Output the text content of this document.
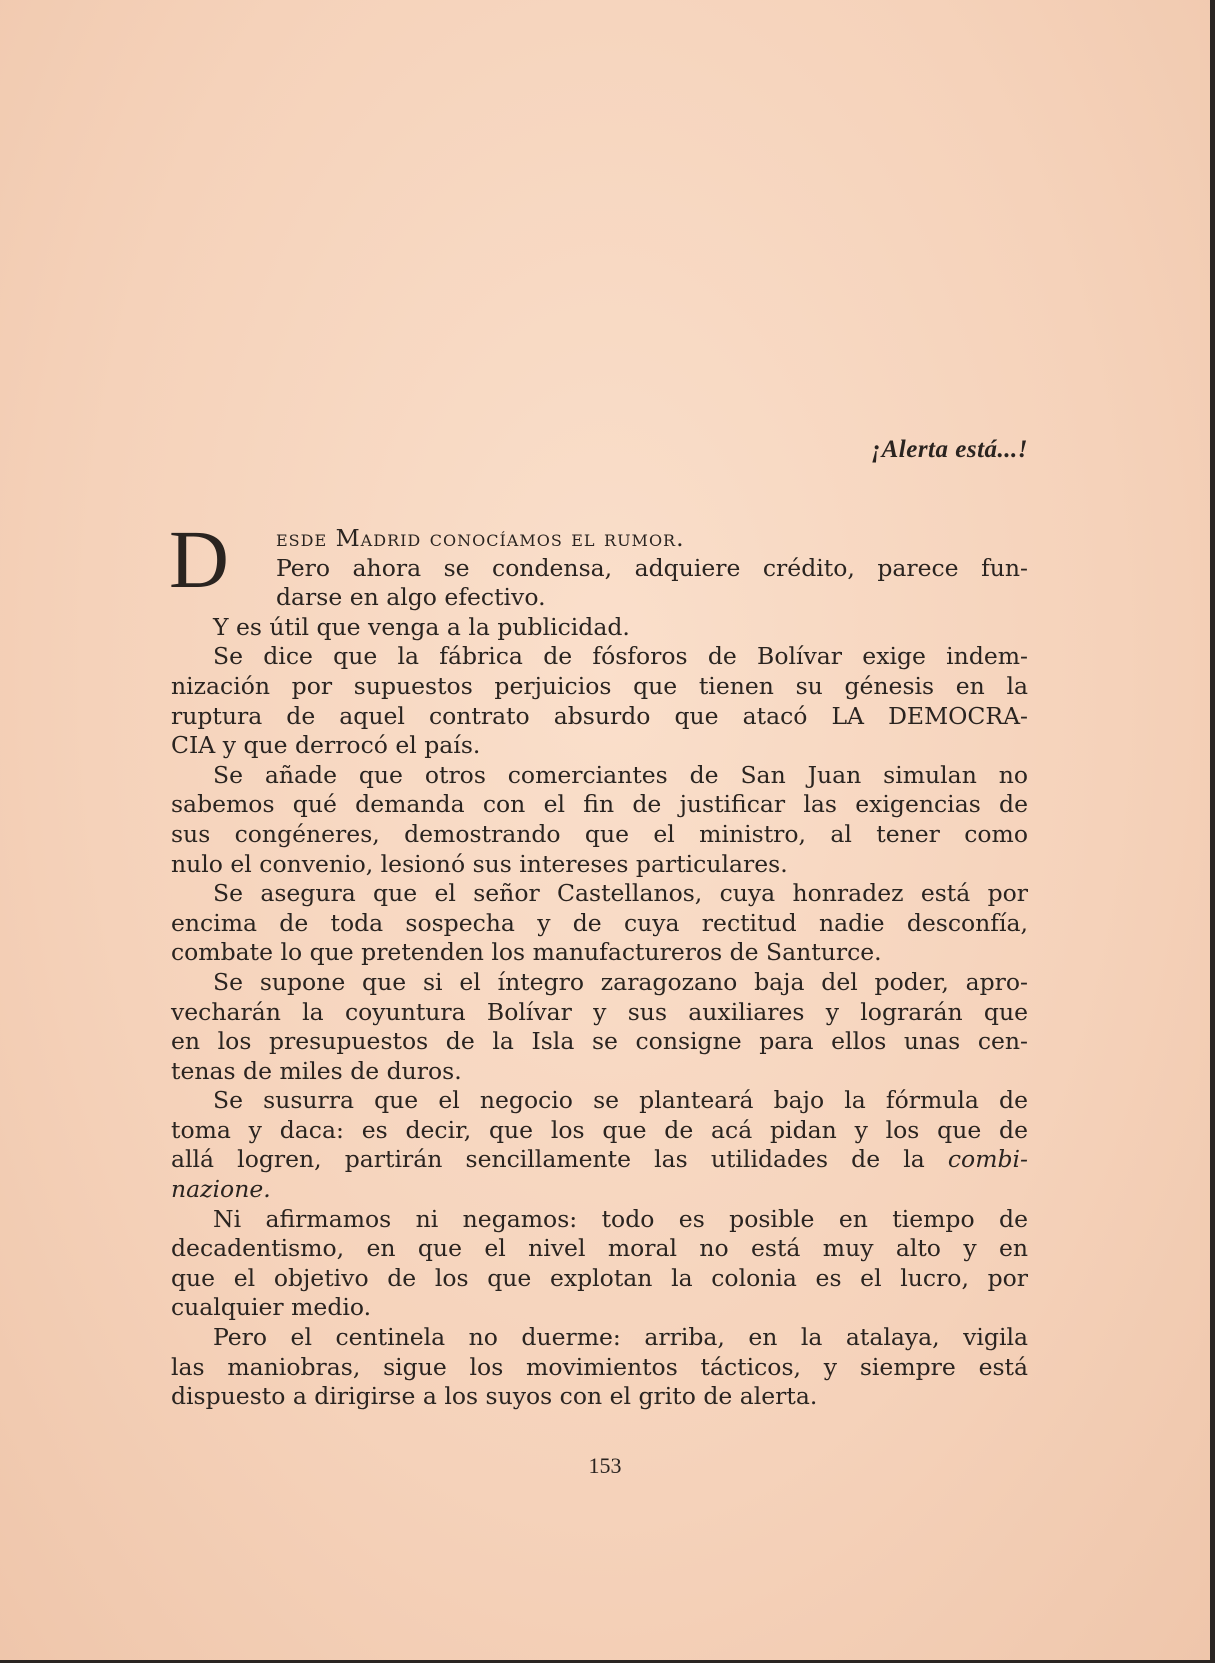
¡Alerta está...!
D	esde Madrid conocíamos el rumor.
Pero ahora se condensa, adquiere crédito, parece fun-
darse en algo efectivo.
Y es útil que venga a la publicidad.
Se dice que la fábrica de fósforos de Bolívar exige indem-
nización por supuestos perjuicios que tienen su génesis en la
ruptura de aquel contrato absurdo que atacó LA DEMOCRA-
CIA y que derrocó el país.
Se añade que otros comerciantes de San Juan simulan no
sabemos qué demanda con el fin de justificar las exigencias de
sus congéneres, demostrando que el ministro, al tener como
nulo el convenio, lesionó sus intereses particulares.
Se asegura que el señor Castellanos, cuya honradez está por
encima de toda sospecha y de cuya rectitud nadie desconfía,
combate lo que pretenden los manufactureros de Santurce.
Se supone que si el íntegro zaragozano baja del poder, apro-
vecharán la coyuntura Bolívar y sus auxiliares y lograrán que
en los presupuestos de la Isla se consigne para ellos unas cen-
tenas de miles de duros.
Se susurra que el negocio se planteará bajo la fórmula de
toma y daca: es decir, que los que de acá pidan y los que de
allá logren, partirán sencillamente las utilidades de la combi-
nazione.
Ni afirmamos ni negamos: todo es posible en tiempo de
decadentismo, en que el nivel moral no está muy alto y en
que el objetivo de los que explotan la colonia es el lucro, por
cualquier medio.
Pero el centinela no duerme: arriba, en la atalaya, vigila
las maniobras, sigue los movimientos tácticos, y siempre está
dispuesto a dirigirse a los suyos con el grito de alerta.
153
